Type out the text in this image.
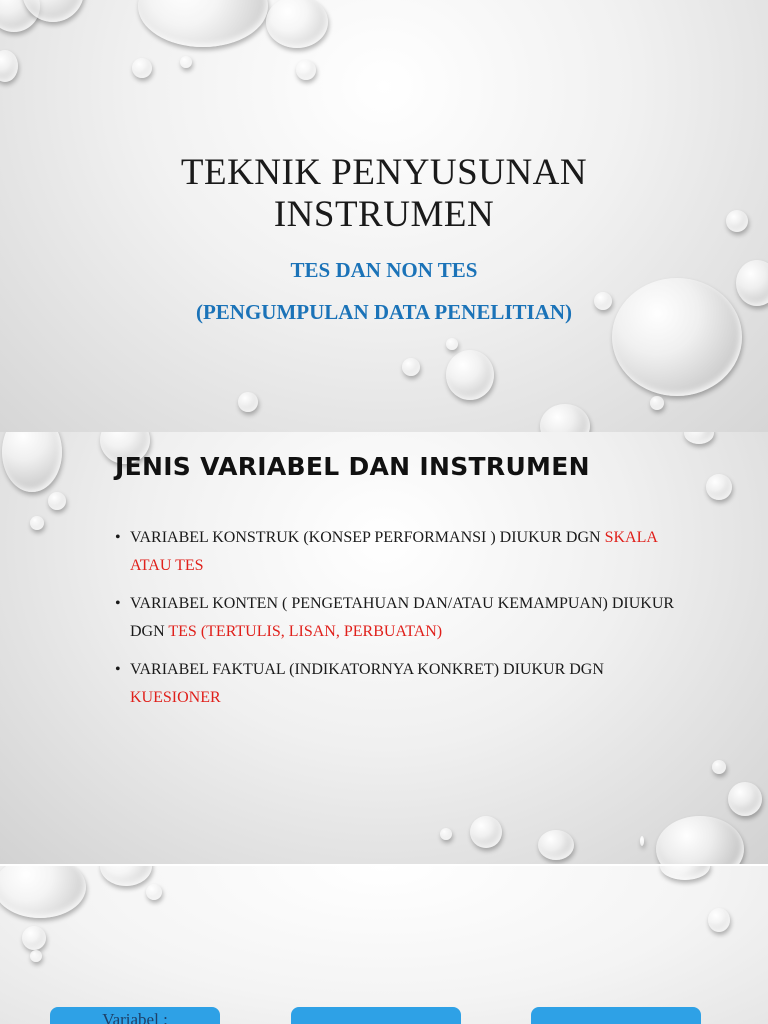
TEKNIK PENYUSUNAN
INSTRUMEN
TES DAN NON TES
(PENGUMPULAN DATA PENELITIAN)
JENIS VARIABEL DAN INSTRUMEN
• VARIABEL KONSTRUK (KONSEP PERFORMANSI ) DIUKUR DGN SKALA ATAU TES
• VARIABEL KONTEN ( PENGETAHUAN DAN/ATAU KEMAMPUAN) DIUKUR DGN TES (TERTULIS, LISAN, PERBUATAN)
• VARIABEL FAKTUAL (INDIKATORNYA KONKRET) DIUKUR DGN KUESIONER
Variabel :
